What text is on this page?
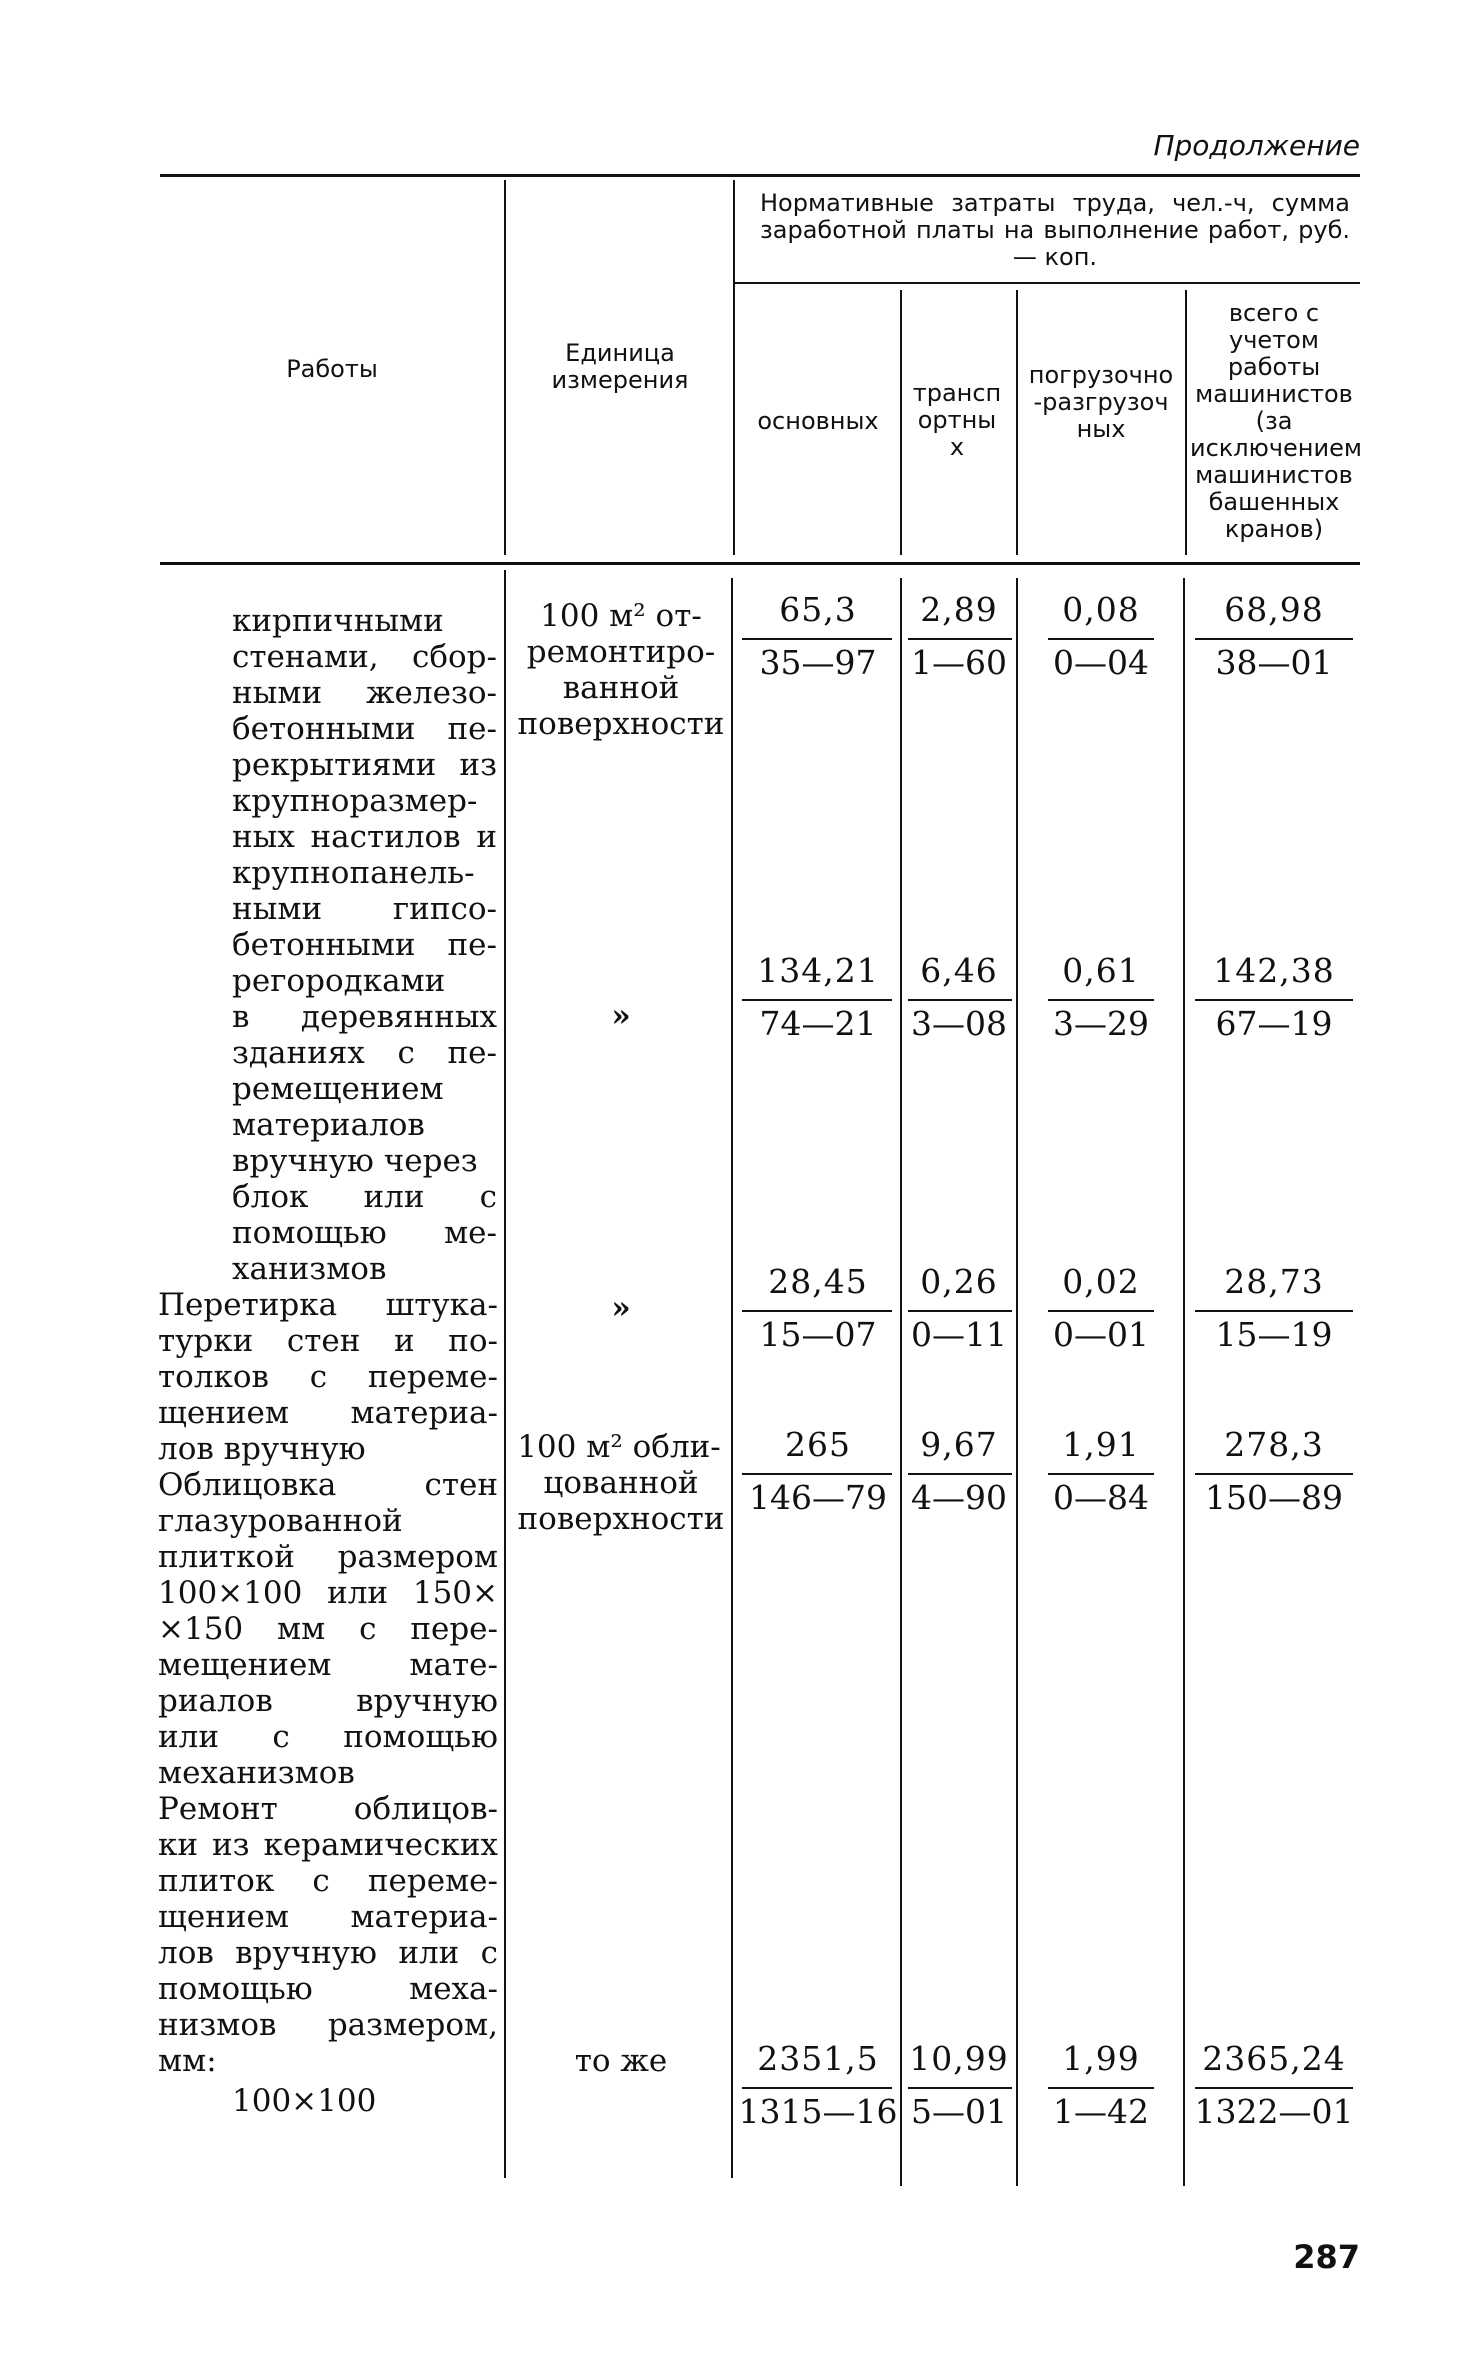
Продолжение
Работы
Единица измерения
Нормативные затраты труда, чел.-ч, сумма заработной платы на выполнение работ, руб. — коп.
основных
транспортных
погрузочно-разгрузочных
всего с учетом работы машинистов (за исключением машинистов башенных кранов)
кирпичными
стенами, сбор-
ными железо-
бетонными пе-
рекрытиями из
крупноразмер-
ных настилов и
крупнопанель-
ными гипсо-
бетонными пе-
регородками
в деревянных
зданиях с пе-
ремещением
материалов
вручную через
блок или с
помощью ме-
ханизмов
Перетирка штука-
турки стен и по-
толков с переме-
щением материа-
лов вручную
Облицовка стен
глазурованной
плиткой размером
100×100 или 150×
×150 мм с пере-
мещением мате-
риалов вручную
или с помощью
механизмов
Ремонт облицов-
ки из керамических
плиток с переме-
щением материа-
лов вручную или с
помощью меха-
низмов размером,
мм:
100×100
100 м² от-
ремонтиро-
ванной
поверхности
»
»
100 м² обли-
цованной
поверхности
то же
65,3
35—97
2,89
1—60
0,08
0—04
68,98
38—01
134,21
74—21
6,46
3—08
0,61
3—29
142,38
67—19
28,45
15—07
0,26
0—11
0,02
0—01
28,73
15—19
265
146—79
9,67
4—90
1,91
0—84
278,3
150—89
2351,5
1315—16
10,99
5—01
1,99
1—42
2365,24
1322—01
287
